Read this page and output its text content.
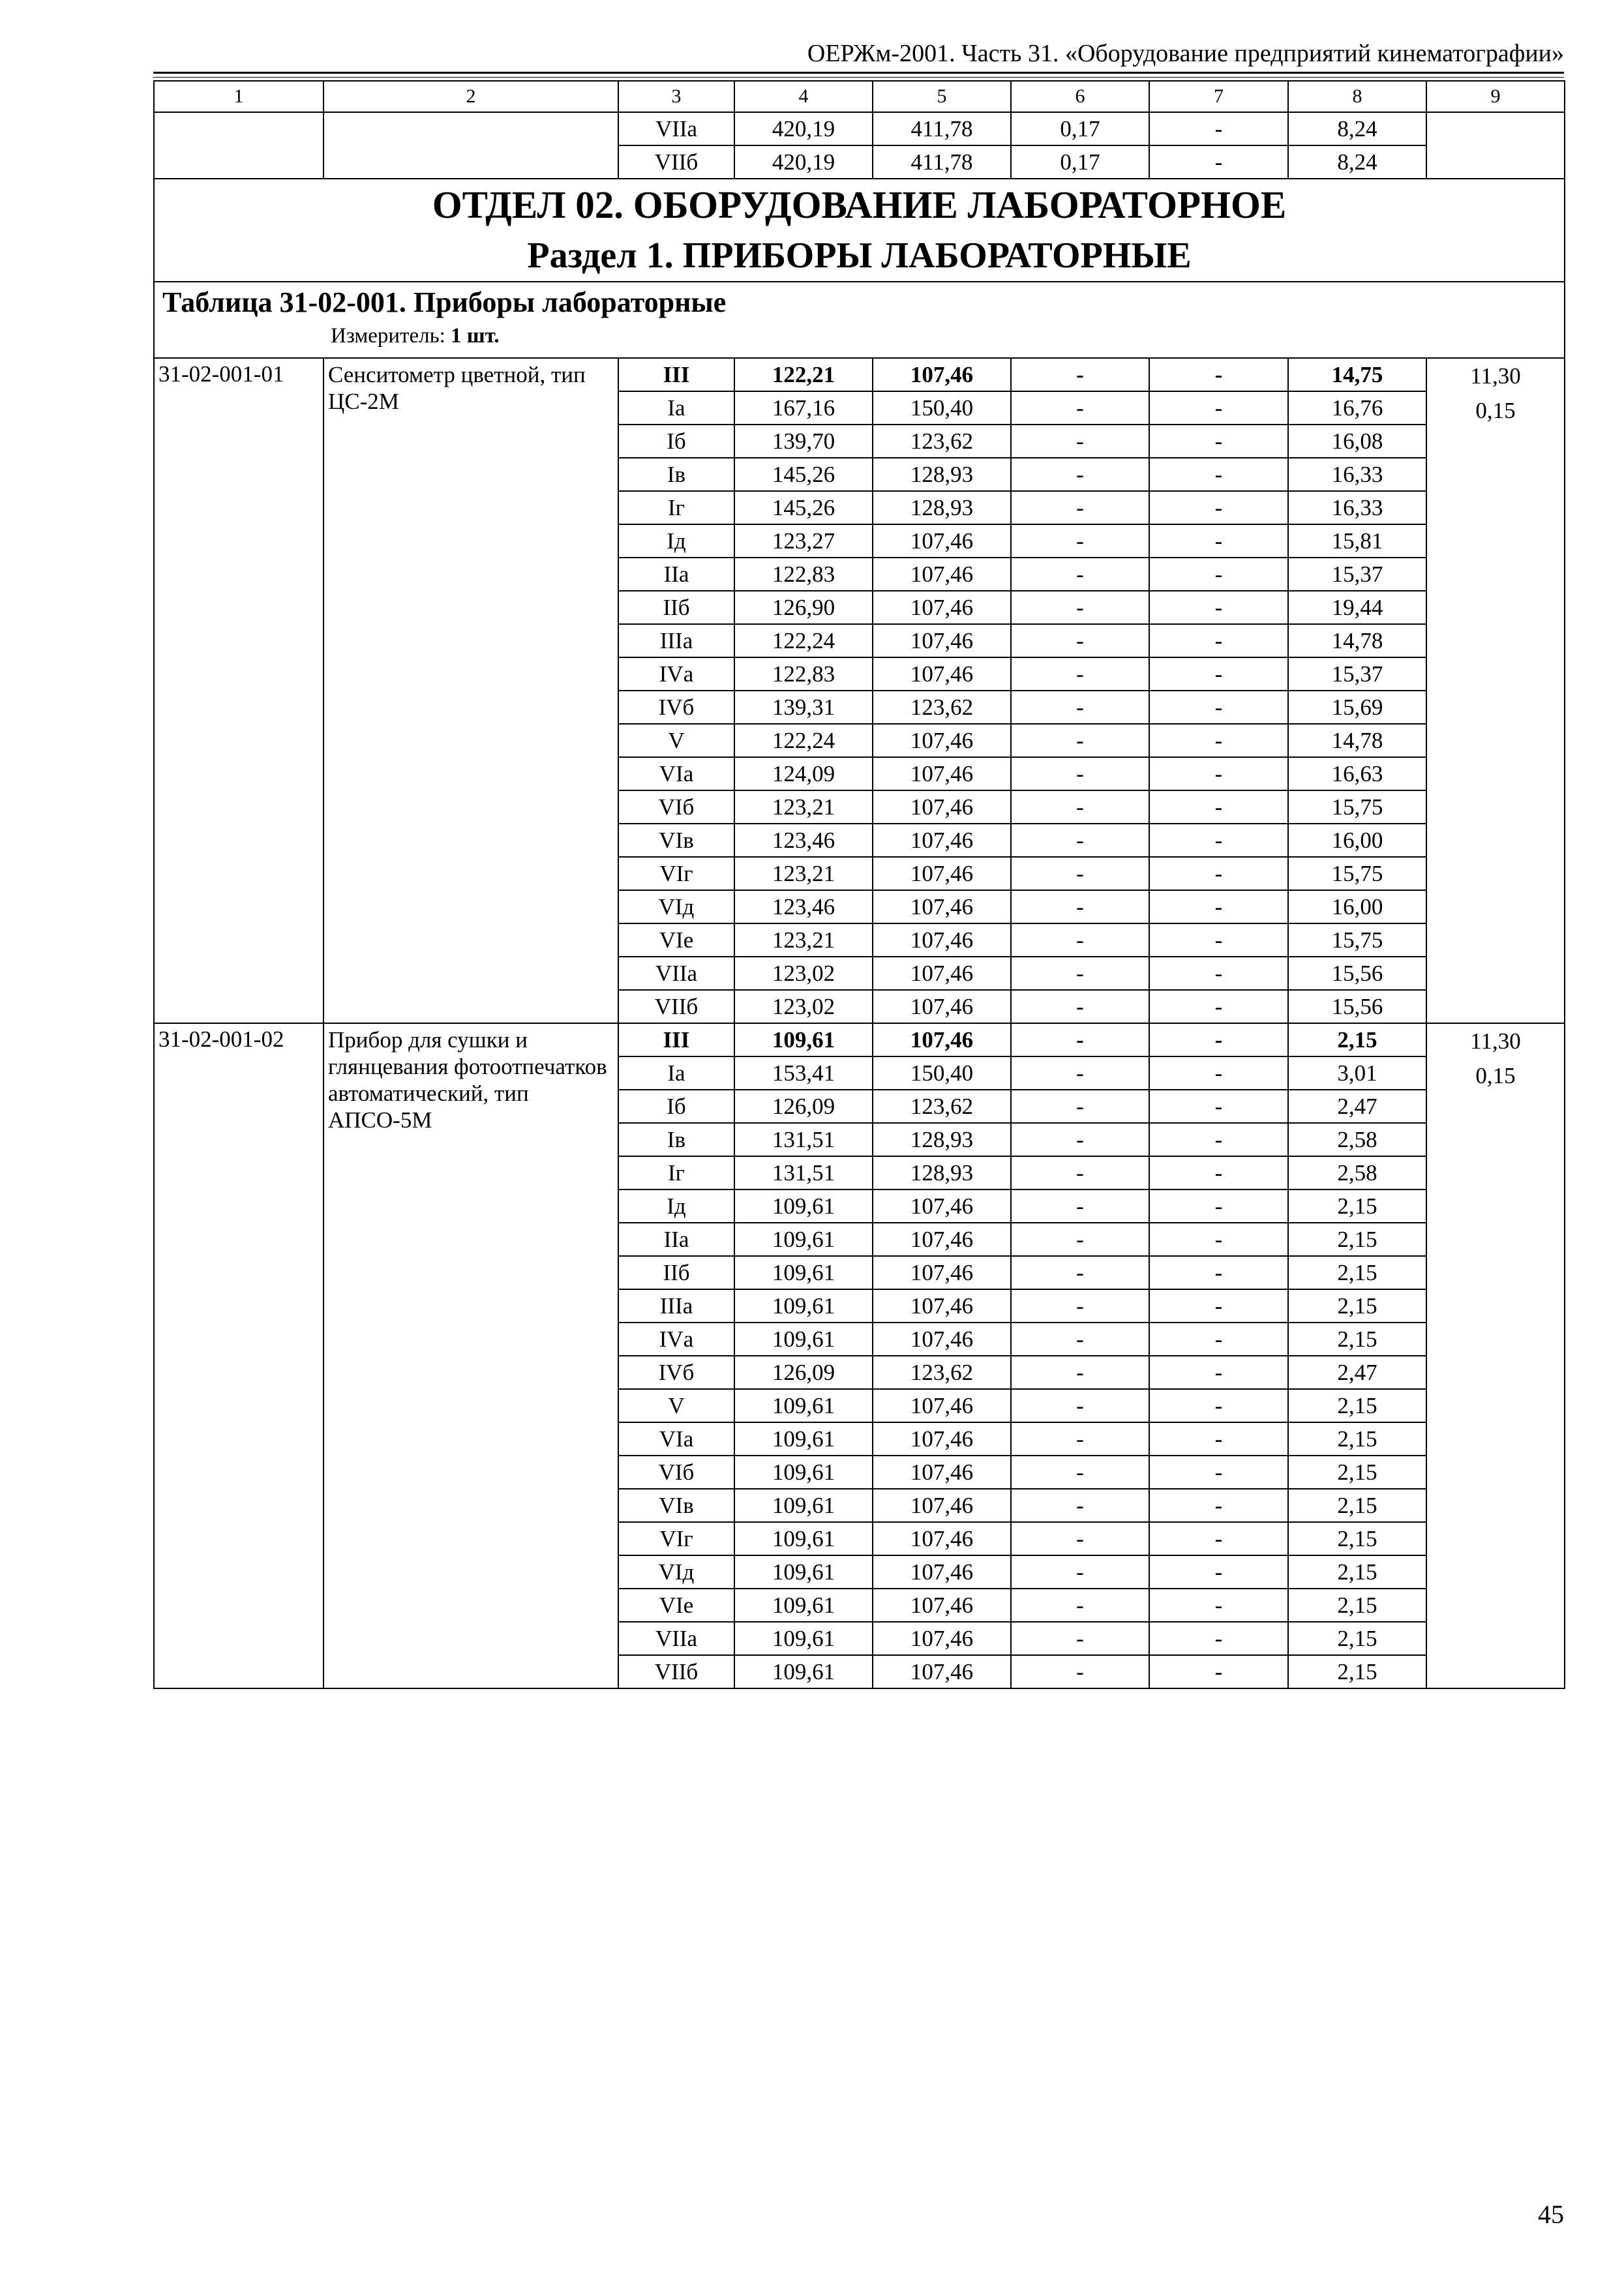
ОЕРЖм-2001. Часть 31. «Оборудование предприятий кинематографии»
1	2	3	4	5	6	7	8	9
		VIIа	420,19	411,78	0,17	-	8,24	
		VIIб	420,19	411,78	0,17	-	8,24	

ОТДЕЛ 02. ОБОРУДОВАНИЕ ЛАБОРАТОРНОЕ
Раздел 1. ПРИБОРЫ ЛАБОРАТОРНЫЕ								

Таблица 31-02-001. Приборы лабораторные
Измеритель: 1 шт.								

31-02-001-01	Сенситометр цветной, тип ЦС-2М	III	122,21	107,46	-	-	14,75	11,30
0,15

		Iа	167,16	150,40	-	-	16,76	
		Iб	139,70	123,62	-	-	16,08	
		Iв	145,26	128,93	-	-	16,33	
		Iг	145,26	128,93	-	-	16,33	
		Iд	123,27	107,46	-	-	15,81	
		IIа	122,83	107,46	-	-	15,37	
		IIб	126,90	107,46	-	-	19,44	
		IIIа	122,24	107,46	-	-	14,78	
		IVа	122,83	107,46	-	-	15,37	
		IVб	139,31	123,62	-	-	15,69	
		V	122,24	107,46	-	-	14,78	
		VIа	124,09	107,46	-	-	16,63	
		VIб	123,21	107,46	-	-	15,75	
		VIв	123,46	107,46	-	-	16,00	
		VIг	123,21	107,46	-	-	15,75	
		VIд	123,46	107,46	-	-	16,00	
		VIе	123,21	107,46	-	-	15,75	
		VIIа	123,02	107,46	-	-	15,56	
		VIIб	123,02	107,46	-	-	15,56	
31-02-001-02	Прибор для сушки и глянцевания фотоотпечатков автоматический, тип АПСО-5М	III	109,61	107,46	-	-	2,15	11,30
0,15

		Iа	153,41	150,40	-	-	3,01	
		Iб	126,09	123,62	-	-	2,47	
		Iв	131,51	128,93	-	-	2,58	
		Iг	131,51	128,93	-	-	2,58	
		Iд	109,61	107,46	-	-	2,15	
		IIа	109,61	107,46	-	-	2,15	
		IIб	109,61	107,46	-	-	2,15	
		IIIа	109,61	107,46	-	-	2,15	
		IVа	109,61	107,46	-	-	2,15	
		IVб	126,09	123,62	-	-	2,47	
		V	109,61	107,46	-	-	2,15	
		VIа	109,61	107,46	-	-	2,15	
		VIб	109,61	107,46	-	-	2,15	
		VIв	109,61	107,46	-	-	2,15	
		VIг	109,61	107,46	-	-	2,15	
		VIд	109,61	107,46	-	-	2,15	
		VIе	109,61	107,46	-	-	2,15	
		VIIа	109,61	107,46	-	-	2,15	
		VIIб	109,61	107,46	-	-	2,15	
45
